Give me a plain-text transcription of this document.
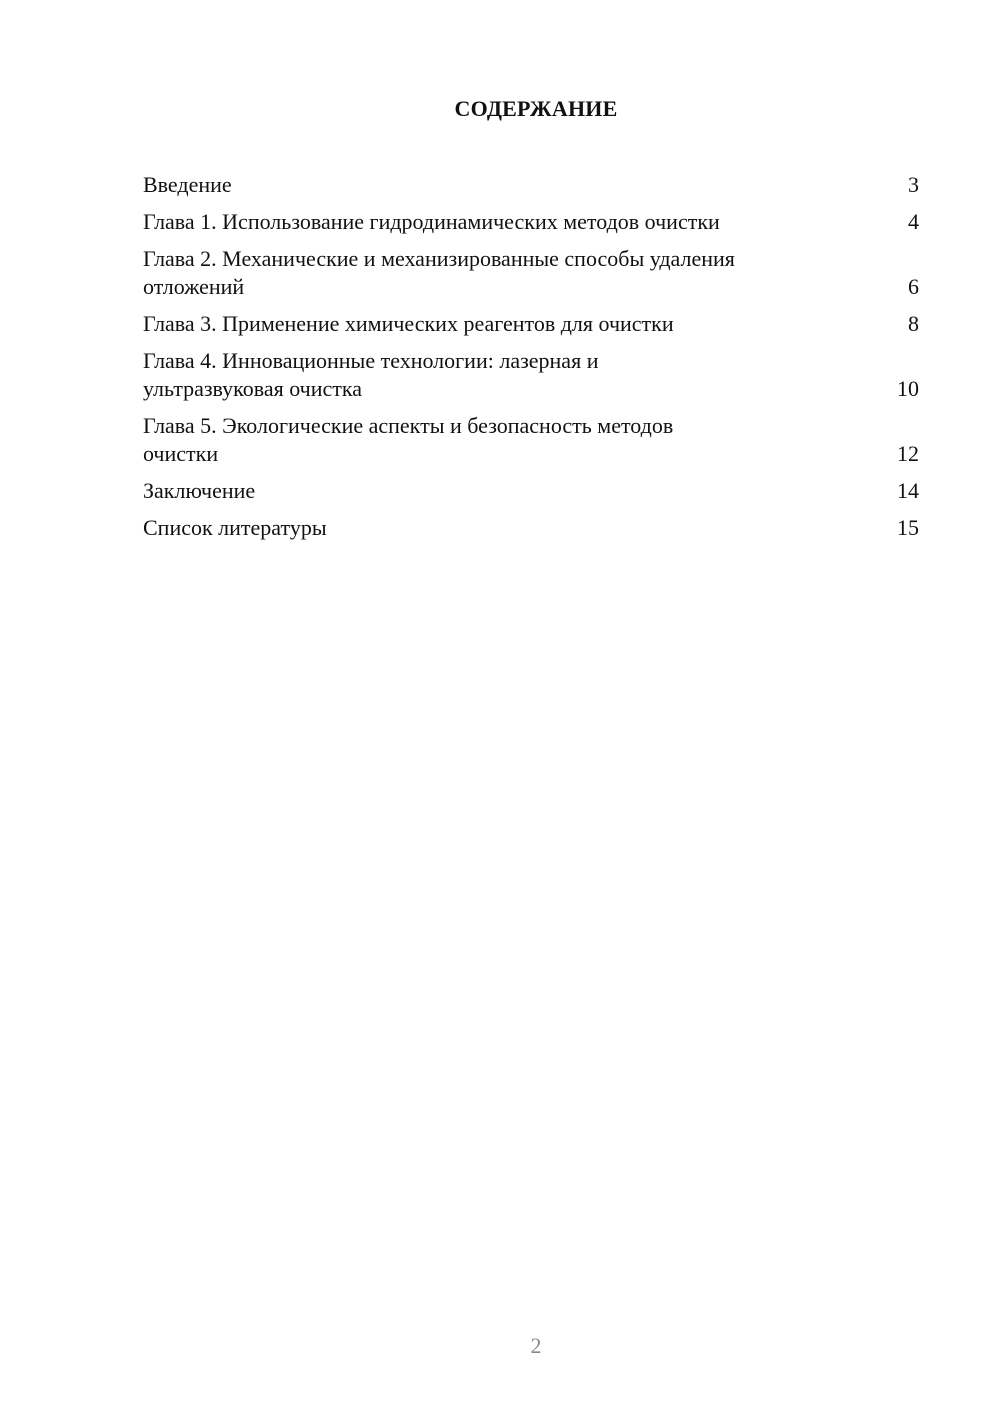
СОДЕРЖАНИЕ
Введение	3
Глава 1. Использование гидродинамических методов очистки	4
Глава 2. Механические и механизированные способы удаления
отложений	6
Глава 3. Применение химических реагентов для очистки	8
Глава 4. Инновационные технологии: лазерная и
ультразвуковая очистка	10
Глава 5. Экологические аспекты и безопасность методов
очистки	12
Заключение	14
Список литературы	15
2
